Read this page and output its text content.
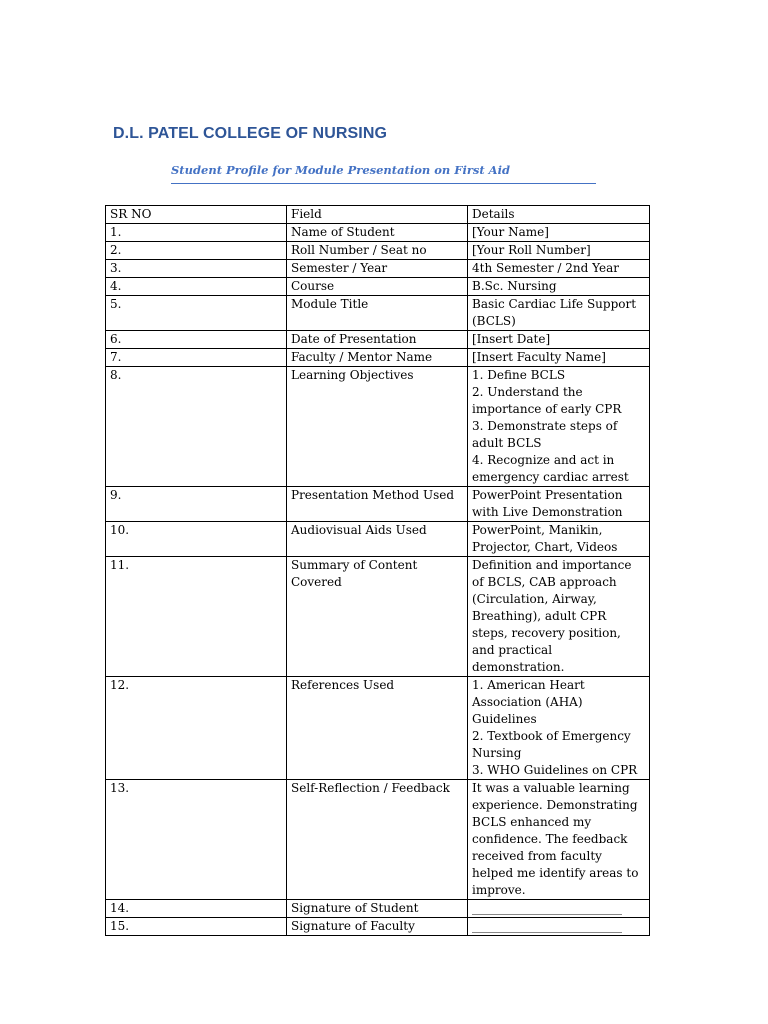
D.L. PATEL COLLEGE OF NURSING
Student Profile for Module Presentation on First Aid
SR NO	Field	Details
1.	Name of Student	[Your Name]
2.	Roll Number / Seat no	[Your Roll Number]
3.	Semester / Year	4th Semester / 2nd Year
4.	Course	B.Sc. Nursing
5.	Module Title	Basic Cardiac Life Support (BCLS)
6.	Date of Presentation	[Insert Date]
7.	Faculty / Mentor Name	[Insert Faculty Name]
8.	Learning Objectives	1. Define BCLS
2. Understand the importance of early CPR
3. Demonstrate steps of adult BCLS
4. Recognize and act in emergency cardiac arrest

9.	Presentation Method Used	PowerPoint Presentation with Live Demonstration
10.	Audiovisual Aids Used	PowerPoint, Manikin, Projector, Chart, Videos
11.	Summary of Content Covered	Definition and importance of BCLS, CAB approach (Circulation, Airway, Breathing), adult CPR steps, recovery position, and practical demonstration.
12.	References Used	1. American Heart Association (AHA) Guidelines
2. Textbook of Emergency Nursing
3. WHO Guidelines on CPR

13.	Self-Reflection / Feedback	It was a valuable learning experience. Demonstrating BCLS enhanced my confidence. The feedback received from faculty helped me identify areas to improve.
14.	Signature of Student	_________________________
15.	Signature of Faculty	_________________________
